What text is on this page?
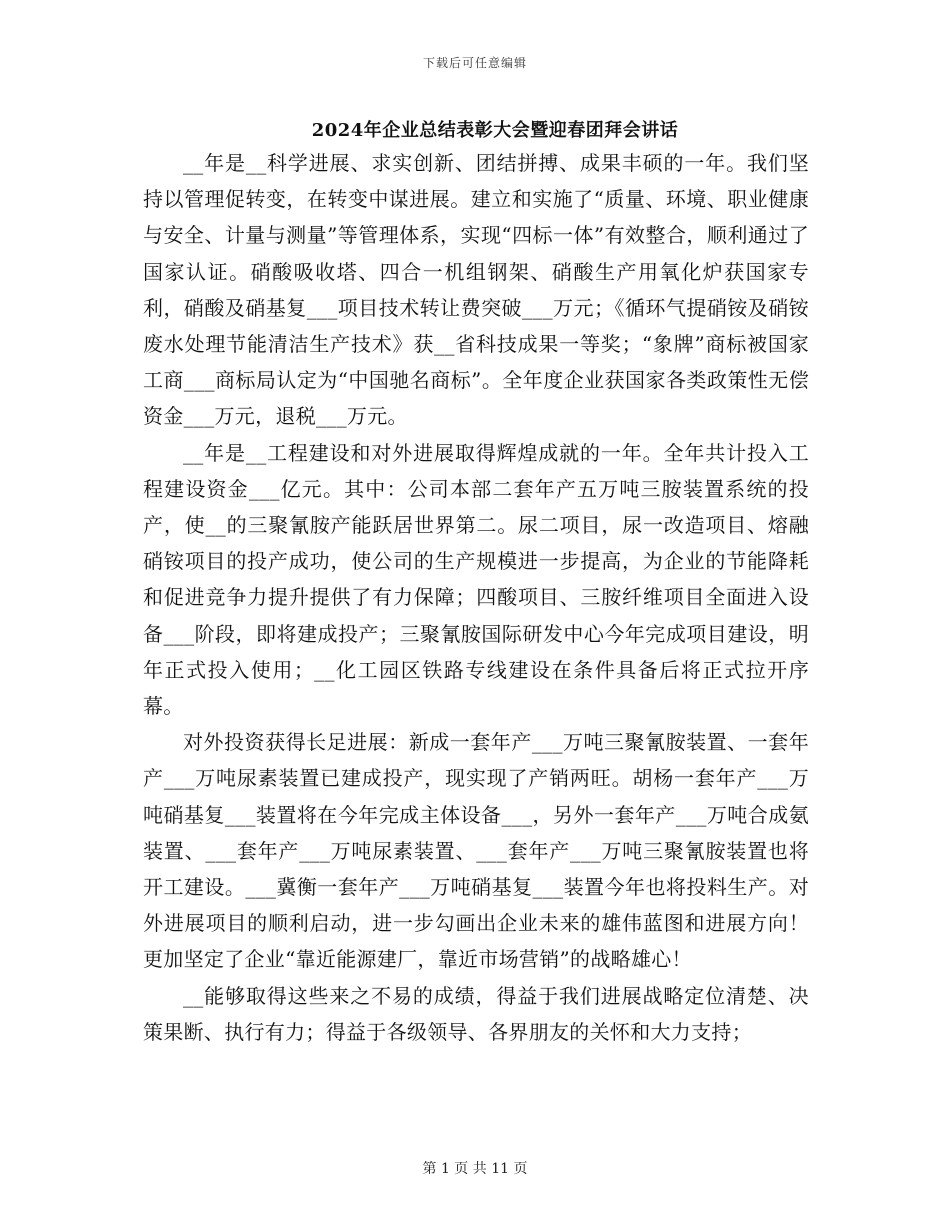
下载后可任意编辑
2024年企业总结表彰大会暨迎春团拜会讲话

__年是__科学进展、求实创新、团结拼搏、成果丰硕的一年。我们坚持以管理促转变，在转变中谋进展。建立和实施了“质量、环境、职业健康与安全、计量与测量”等管理体系，实现“四标一体”有效整合，顺利通过了国家认证。硝酸吸收塔、四合一机组钢架、硝酸生产用氧化炉获国家专利，硝酸及硝基复___项目技术转让费突破___万元；《循环气提硝铵及硝铵废水处理节能清洁生产技术》获__省科技成果一等奖；“象牌”商标被国家工商___商标局认定为“中国驰名商标”。全年度企业获国家各类政策性无偿资金___万元，退税___万元。

__年是__工程建设和对外进展取得辉煌成就的一年。全年共计投入工程建设资金___亿元。其中：公司本部二套年产五万吨三胺装置系统的投产，使__的三聚氰胺产能跃居世界第二。尿二项目，尿一改造项目、熔融硝铵项目的投产成功，使公司的生产规模进一步提高，为企业的节能降耗和促进竞争力提升提供了有力保障；四酸项目、三胺纤维项目全面进入设备___阶段，即将建成投产；三聚氰胺国际研发中心今年完成项目建设，明年正式投入使用；__化工园区铁路专线建设在条件具备后将正式拉开序幕。

对外投资获得长足进展：新成一套年产___万吨三聚氰胺装置、一套年产___万吨尿素装置已建成投产，现实现了产销两旺。胡杨一套年产___万吨硝基复___装置将在今年完成主体设备___，另外一套年产___万吨合成氨装置、___套年产___万吨尿素装置、___套年产___万吨三聚氰胺装置也将开工建设。___冀衡一套年产___万吨硝基复___装置今年也将投料生产。对外进展项目的顺利启动，进一步勾画出企业未来的雄伟蓝图和进展方向！更加坚定了企业“靠近能源建厂，靠近市场营销”的战略雄心！

__能够取得这些来之不易的成绩，得益于我们进展战略定位清楚、决策果断、执行有力；得益于各级领导、各界朋友的关怀和大力支持；

第 1 页 共 11 页
